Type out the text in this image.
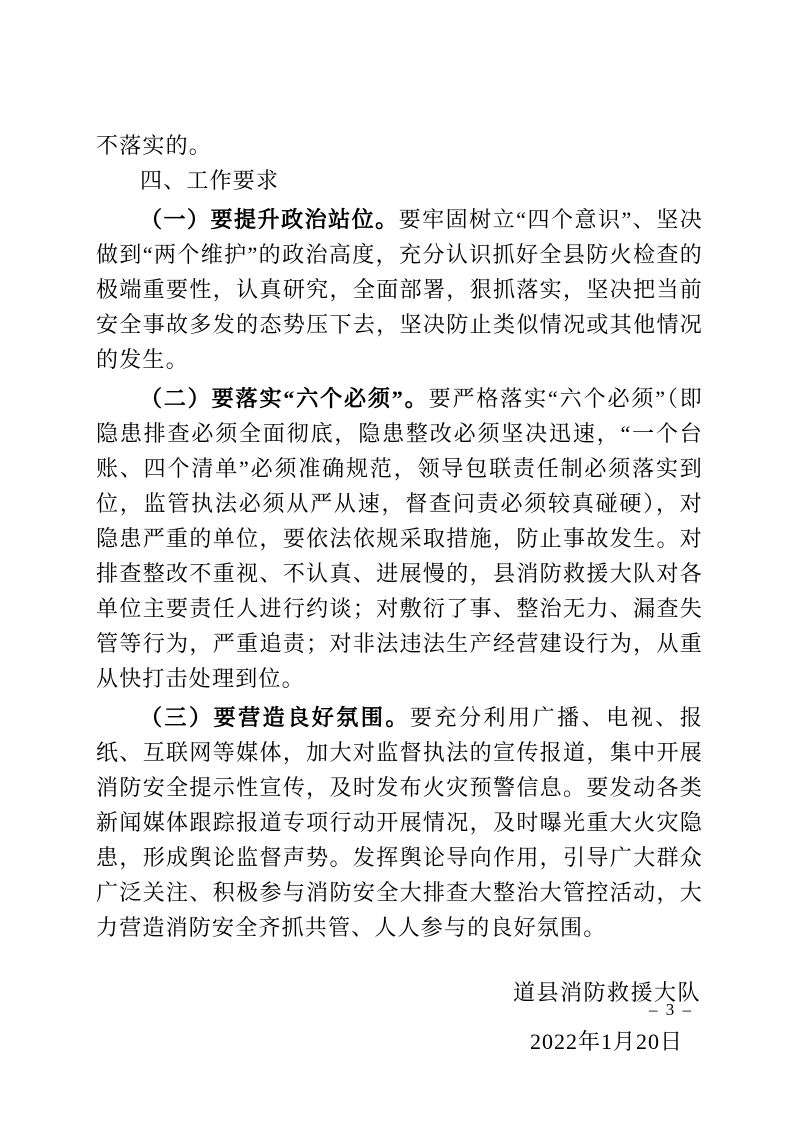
不落实的。

四、工作要求

（一）要提升政治站位。要牢固树立“四个意识”、坚决做到“两个维护”的政治高度，充分认识抓好全县防火检查的极端重要性，认真研究，全面部署，狠抓落实，坚决把当前安全事故多发的态势压下去，坚决防止类似情况或其他情况的发生。

（二）要落实“六个必须”。要严格落实“六个必须”（即隐患排查必须全面彻底，隐患整改必须坚决迅速，“一个台账、四个清单”必须准确规范，领导包联责任制必须落实到位，监管执法必须从严从速，督查问责必须较真碰硬），对隐患严重的单位，要依法依规采取措施，防止事故发生。对排查整改不重视、不认真、进展慢的，县消防救援大队对各单位主要责任人进行约谈；对敷衍了事、整治无力、漏查失管等行为，严重追责；对非法违法生产经营建设行为，从重从快打击处理到位。

（三）要营造良好氛围。要充分利用广播、电视、报纸、互联网等媒体，加大对监督执法的宣传报道，集中开展消防安全提示性宣传，及时发布火灾预警信息。要发动各类新闻媒体跟踪报道专项行动开展情况，及时曝光重大火灾隐患，形成舆论监督声势。发挥舆论导向作用，引导广大群众广泛关注、积极参与消防安全大排查大整治大管控活动，大力营造消防安全齐抓共管、人人参与的良好氛围。

道县消防救援大队

2022年1月20日

– 3 –
